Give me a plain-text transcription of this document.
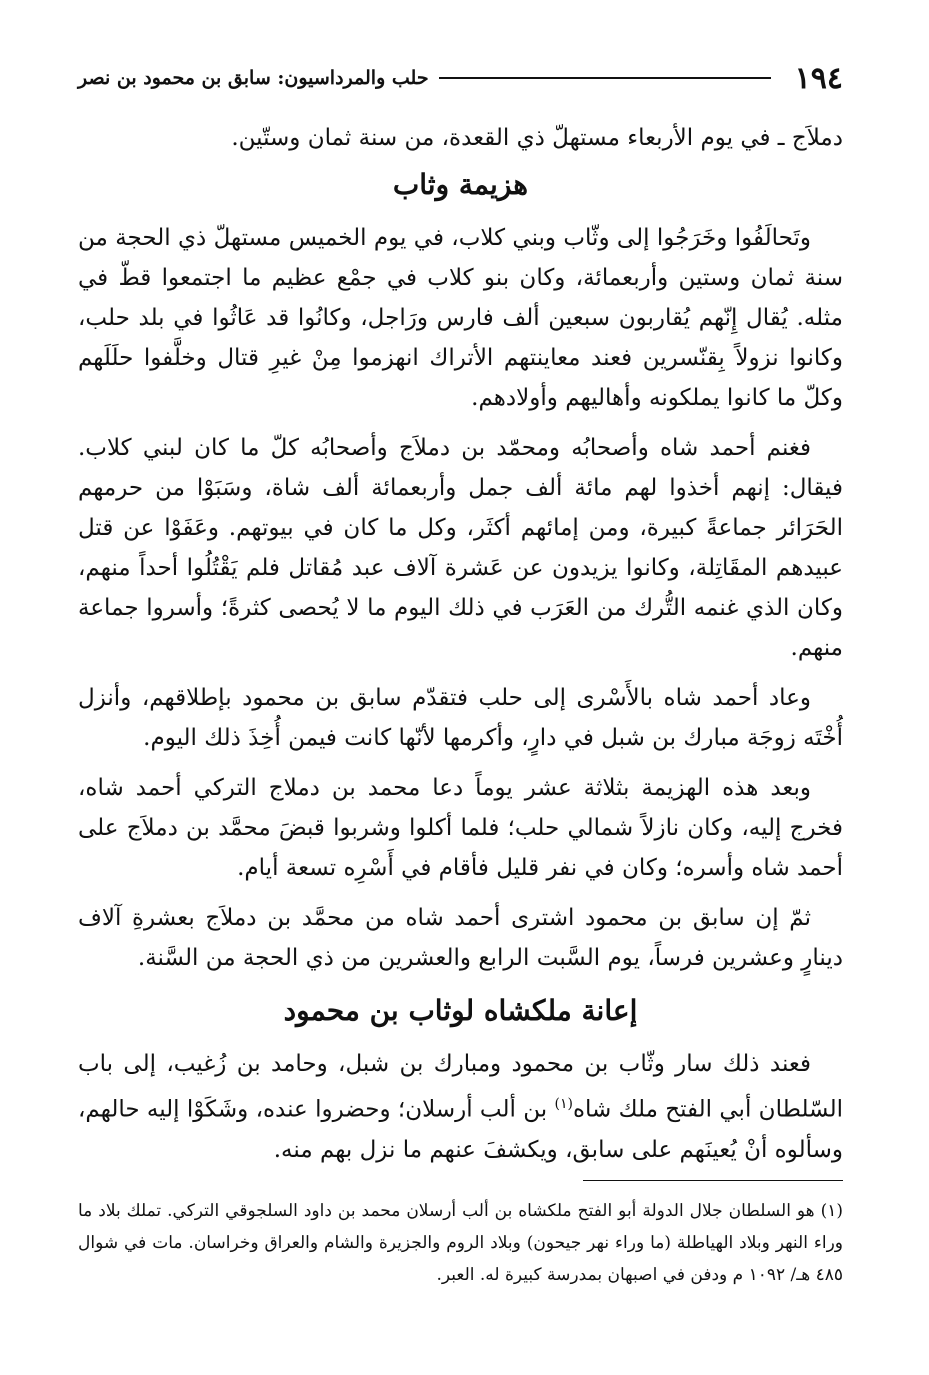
١٩٤
حلب والمرداسيون: سابق بن محمود بن نصر

دملاَج ـ في يوم الأربعاء مستهلّ ذي القعدة، من سنة ثمان وستّين.

هزيمة وثاب

وتَحالَفُوا وخَرَجُوا إلى وثّاب وبني كلاب، في يوم الخميس مستهلّ ذي الحجة من سنة ثمان وستين وأربعمائة، وكان بنو كلاب في جمْع عظيم ما اجتمعوا قطّ في مثله. يُقال إِنّهم يُقاربون سبعين ألف فارس ورَاجل، وكانُوا قد عَاثُوا في بلد حلب، وكانوا نزولاً بِقنّسرين فعند معاينتهم الأتراك انهزموا مِنْ غيرِ قتال وخلَّفوا حلَلَهم وكلّ ما كانوا يملكونه وأهاليهم وأولادهم.

فغنم أحمد شاه وأصحابُه ومحمّد بن دملاَج وأصحابُه كلّ ما كان لبني كلاب. فيقال: إنهم أخذوا لهم مائة ألف جمل وأربعمائة ألف شاة، وسَبَوْا من حرمهم الحَرَائر جماعةً كبيرة، ومن إمائهم أكثَر، وكل ما كان في بيوتهم. وعَفَوْا عن قتل عبيدهم المقَاتِلة، وكانوا يزيدون عن عَشرة آلاف عبد مُقاتل فلم يَقْتُلُوا أحداً منهم، وكان الذي غنمه التُّرك من العَرَب في ذلك اليوم ما لا يُحصى كثرةً؛ وأسروا جماعة منهم.

وعاد أحمد شاه بالأَسْرى إلى حلب فتقدّم سابق بن محمود بإطلاقهم، وأنزل أُخْتَه زوجَة مبارك بن شبل في دارٍ، وأكرمها لأنّها كانت فيمن أُخِذَ ذلك اليوم.

وبعد هذه الهزيمة بثلاثة عشر يوماً دعا محمد بن دملاج التركي أحمد شاه، فخرج إليه، وكان نازلاً شمالي حلب؛ فلما أكلوا وشربوا قبضَ محمَّد بن دملاَج على أحمد شاه وأسره؛ وكان في نفر قليل فأقام في أَسْرِه تسعة أيام.

ثمّ إن سابق بن محمود اشترى أحمد شاه من محمَّد بن دملاَج بعشرةِ آلاف دينارٍ وعشرين فرساً، يوم السَّبت الرابع والعشرين من ذي الحجة من السَّنة.

إعانة ملكشاه لوثاب بن محمود

فعند ذلك سار وثّاب بن محمود ومبارك بن شبل، وحامد بن زُغيب، إلى باب السّلطان أبي الفتح ملك شاه$^{(١)}$ بن ألب أرسلان؛ وحضروا عنده، وشَكَوْا إليه حالهم، وسألوه أنْ يُعينَهم على سابق، ويكشفَ عنهم ما نزل بهم منه.

(١) هو السلطان جلال الدولة أبو الفتح ملكشاه بن ألب أرسلان محمد بن داود السلجوقي التركي. تملك بلاد ما وراء النهر وبلاد الهياطلة (ما وراء نهر جيحون) وبلاد الروم والجزيرة والشام والعراق وخراسان. مات في شوال ٤٨٥ هـ/ ١٠٩٢ م ودفن في اصبهان بمدرسة كبيرة له. العبر.
